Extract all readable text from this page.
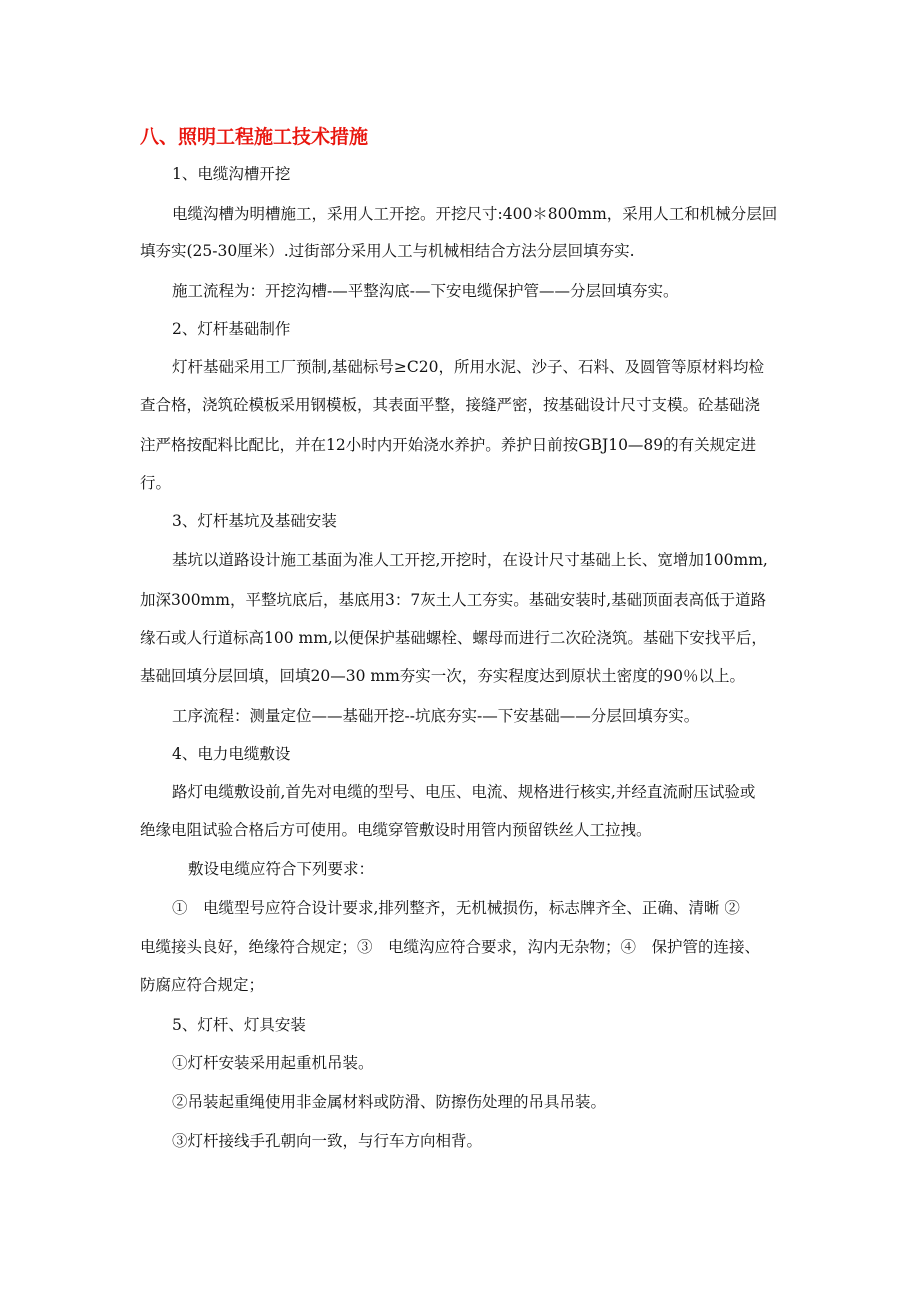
八、照明工程施工技术措施
1、电缆沟槽开挖
电缆沟槽为明槽施工，采用人工开挖。开挖尺寸:400＊800mm，采用人工和机械分层回
填夯实(25-30厘米）.过街部分采用人工与机械相结合方法分层回填夯实.
施工流程为：开挖沟槽-—平整沟底-—下安电缆保护管——分层回填夯实。
2、灯杆基础制作
灯杆基础采用工厂预制,基础标号≥C20，所用水泥、沙子、石料、及圆管等原材料均检
查合格，浇筑砼模板采用钢模板，其表面平整，接缝严密，按基础设计尺寸支模。砼基础浇
注严格按配料比配比，并在12小时内开始浇水养护。养护日前按GBJ10—89的有关规定进
行。
3、灯杆基坑及基础安装
基坑以道路设计施工基面为准人工开挖,开挖时，在设计尺寸基础上长、宽增加100mm,
加深300mm，平整坑底后，基底用3：7灰土人工夯实。基础安装时,基础顶面表高低于道路
缘石或人行道标高100 mm,以便保护基础螺栓、螺母而进行二次砼浇筑。基础下安找平后，
基础回填分层回填，回填20—30 mm夯实一次，夯实程度达到原状土密度的90％以上。
工序流程：测量定位——基础开挖--坑底夯实-—下安基础——分层回填夯实。
4、电力电缆敷设
路灯电缆敷设前,首先对电缆的型号、电压、电流、规格进行核实,并经直流耐压试验或
绝缘电阻试验合格后方可使用。电缆穿管敷设时用管内预留铁丝人工拉拽。
敷设电缆应符合下列要求：
①　电缆型号应符合设计要求,排列整齐，无机械损伤，标志牌齐全、正确、清晰 ②
电缆接头良好，绝缘符合规定；③　电缆沟应符合要求，沟内无杂物；④　保护管的连接、
防腐应符合规定；
5、灯杆、灯具安装
①灯杆安装采用起重机吊装。
②吊装起重绳使用非金属材料或防滑、防擦伤处理的吊具吊装。
③灯杆接线手孔朝向一致，与行车方向相背。
